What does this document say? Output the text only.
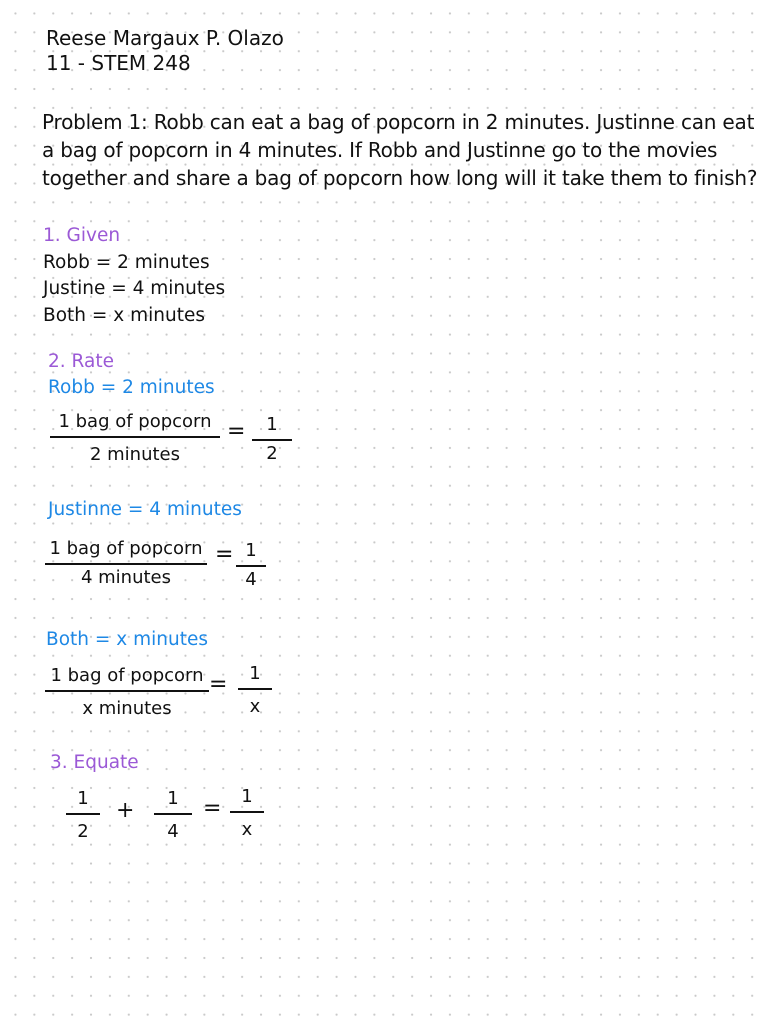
Reese Margaux P. Olazo
11 - STEM 248
Problem 1: Robb can eat a bag of popcorn in 2 minutes. Justinne can eat
a bag of popcorn in 4 minutes. If Robb and Justinne go to the movies
together and share a bag of popcorn how long will it take them to finish?
1. Given
Robb = 2 minutes
Justine = 4 minutes
Both = x minutes
2. Rate
Robb = 2 minutes
1 bag of popcorn
2 minutes
= 1
2
Justinne = 4 minutes
1 bag of popcorn
4 minutes
= 1
4
Both = x minutes
1 bag of popcorn
x minutes
= 1
x
3. Equate
1
2
+ 1
4
= 1
x
